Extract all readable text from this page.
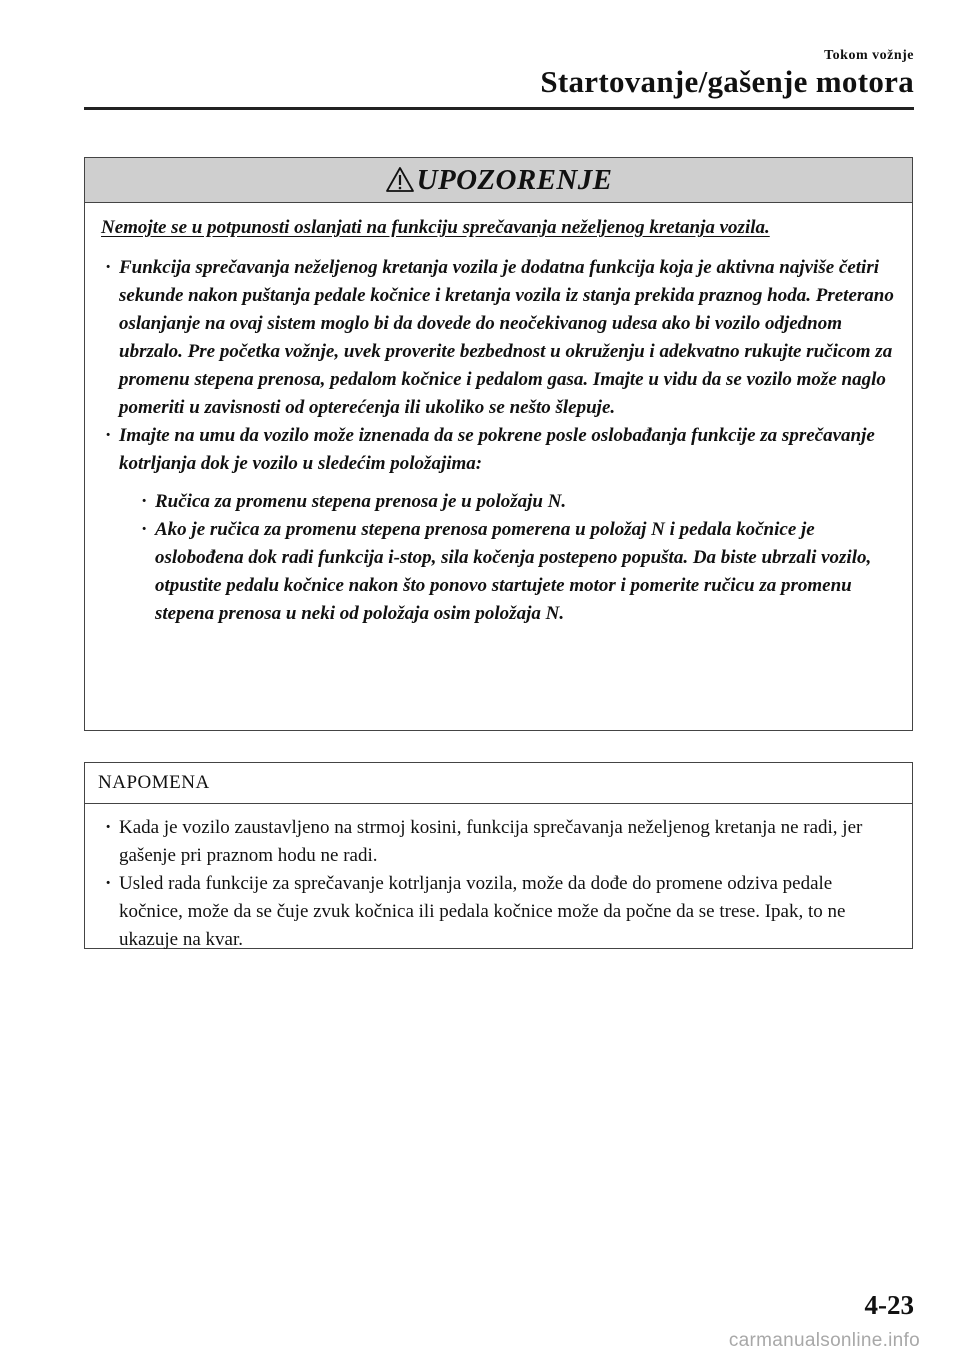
Tokom vožnje
Startovanje/gašenje motora
UPOZORENJE

Nemojte se u potpunosti oslanjati na funkciju sprečavanja neželjenog kretanja vozila.

· Funkcija sprečavanja neželjenog kretanja vozila je dodatna funkcija koja je aktivna najviše četiri sekunde nakon puštanja pedale kočnice i kretanja vozila iz stanja prekida praznog hoda. Preterano oslanjanje na ovaj sistem moglo bi da dovede do neočekivanog udesa ako bi vozilo odjednom ubrzalo. Pre početka vožnje, uvek proverite bezbednost u okruženju i adekvatno rukujte ručicom za promenu stepena prenosa, pedalom kočnice i pedalom gasa. Imajte u vidu da se vozilo može naglo pomeriti u zavisnosti od opterećenja ili ukoliko se nešto šlepuje.
· Imajte na umu da vozilo može iznenada da se pokrene posle oslobađanja funkcije za sprečavanje kotrljanja dok je vozilo u sledećim položajima:
· Ručica za promenu stepena prenosa je u položaju N.
· Ako je ručica za promenu stepena prenosa pomerena u položaj N i pedala kočnice je oslobođena dok radi funkcija i-stop, sila kočenja postepeno popušta. Da biste ubrzali vozilo, otpustite pedalu kočnice nakon što ponovo startujete motor i pomerite ručicu za promenu stepena prenosa u neki od položaja osim položaja N.
NAPOMENA
· Kada je vozilo zaustavljeno na strmoj kosini, funkcija sprečavanja neželjenog kretanja ne radi, jer gašenje pri praznom hodu ne radi.
· Usled rada funkcije za sprečavanje kotrljanja vozila, može da dođe do promene odziva pedale kočnice, može da se čuje zvuk kočnica ili pedala kočnice može da počne da se trese. Ipak, to ne ukazuje na kvar.
4-23
carmanualsonline.info
